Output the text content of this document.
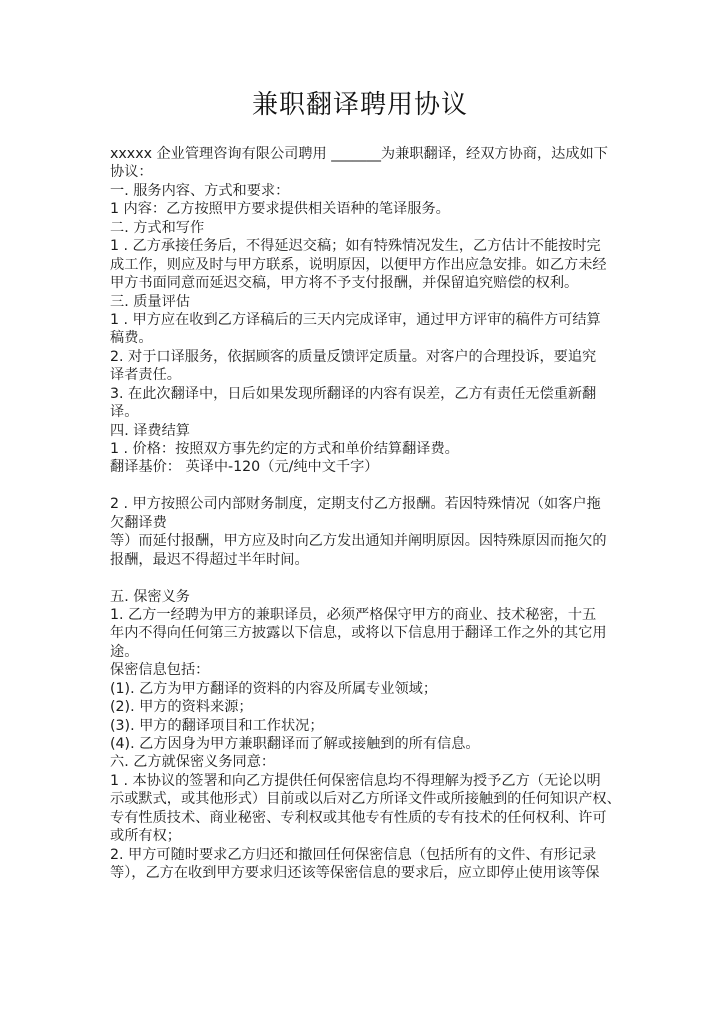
兼职翻译聘用协议
xxxxx 企业管理咨询有限公司聘用 _______为兼职翻译，经双方协商，达成如下
协议：
一. 服务内容、方式和要求：
1 内容：乙方按照甲方要求提供相关语种的笔译服务。
二. 方式和写作
1 . 乙方承接任务后，不得延迟交稿；如有特殊情况发生，乙方估计不能按时完
成工作，则应及时与甲方联系，说明原因，以便甲方作出应急安排。如乙方未经
甲方书面同意而延迟交稿，甲方将不予支付报酬，并保留追究赔偿的权利。
三. 质量评估
1 . 甲方应在收到乙方译稿后的三天内完成译审，通过甲方评审的稿件方可结算
稿费。
2. 对于口译服务，依据顾客的质量反馈评定质量。对客户的合理投诉，要追究
译者责任。
3. 在此次翻译中，日后如果发现所翻译的内容有误差，乙方有责任无偿重新翻
译。
四. 译费结算
1 . 价格：按照双方事先约定的方式和单价结算翻译费。
翻译基价： 英译中-120（元/纯中文千字）
2 . 甲方按照公司内部财务制度，定期支付乙方报酬。若因特殊情况（如客户拖
欠翻译费
等）而延付报酬，甲方应及时向乙方发出通知并阐明原因。因特殊原因而拖欠的
报酬，最迟不得超过半年时间。
五. 保密义务
1. 乙方一经聘为甲方的兼职译员，必须严格保守甲方的商业、技术秘密，十五
年内不得向任何第三方披露以下信息，或将以下信息用于翻译工作之外的其它用
途。
保密信息包括：
(1). 乙方为甲方翻译的资料的内容及所属专业领域；
(2). 甲方的资料来源；
(3). 甲方的翻译项目和工作状况；
(4). 乙方因身为甲方兼职翻译而了解或接触到的所有信息。
六. 乙方就保密义务同意：
1 . 本协议的签署和向乙方提供任何保密信息均不得理解为授予乙方（无论以明
示或默式，或其他形式）目前或以后对乙方所译文件或所接触到的任何知识产权、
专有性质技术、商业秘密、专利权或其他专有性质的专有技术的任何权利、许可
或所有权；
2. 甲方可随时要求乙方归还和撤回任何保密信息（包括所有的文件、有形记录
等），乙方在收到甲方要求归还该等保密信息的要求后，应立即停止使用该等保
